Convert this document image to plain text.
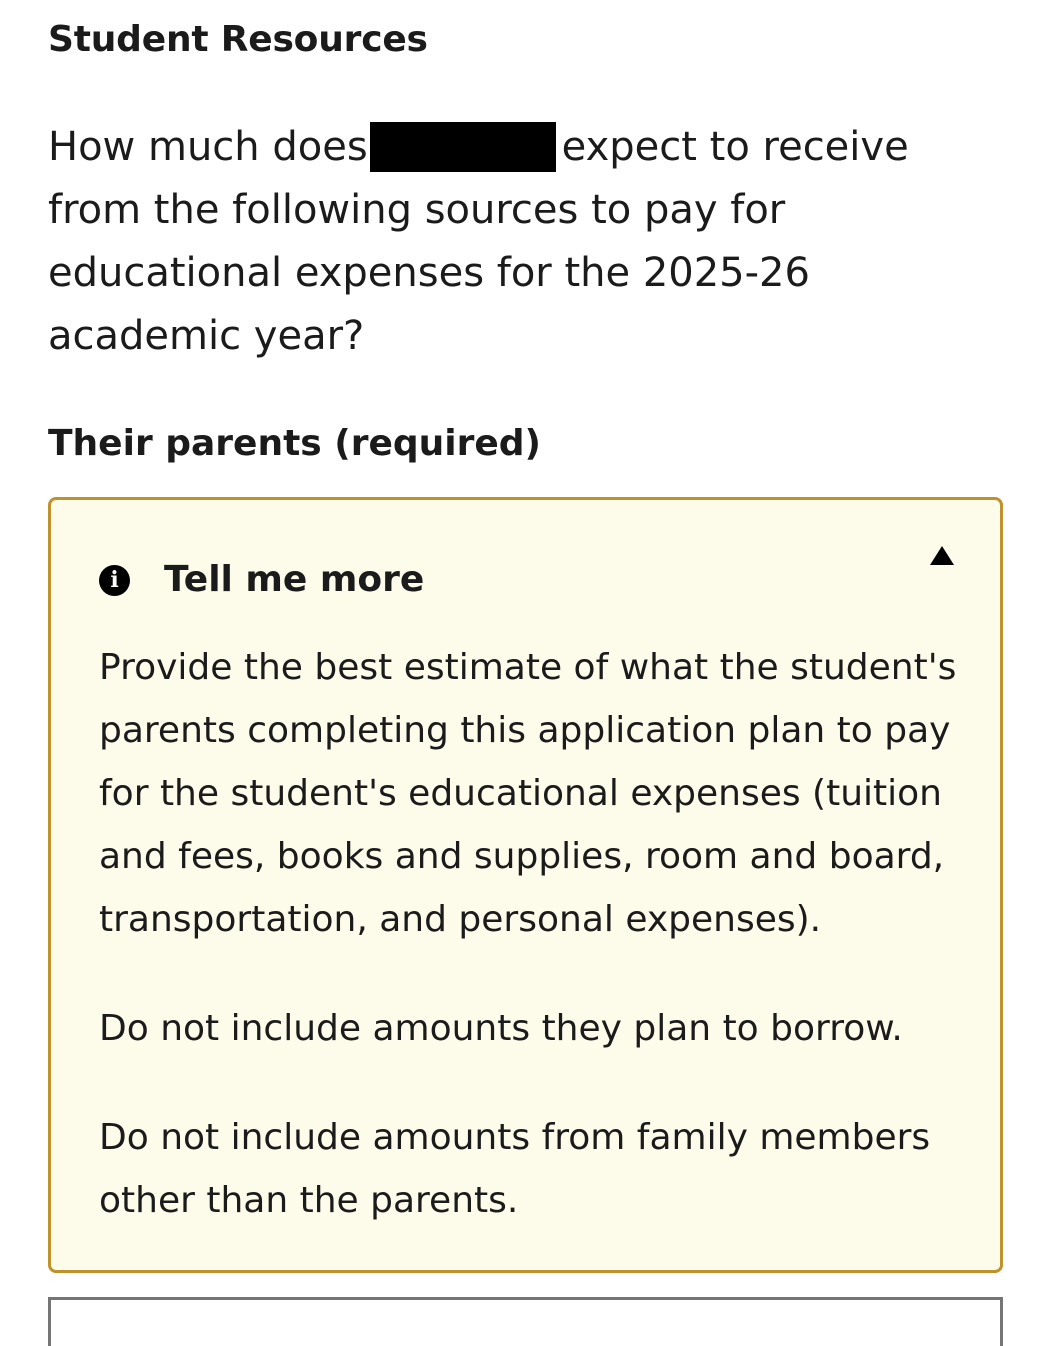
Student Resources

How much does	expect to receive from the following sources to pay for educational expenses for the 2025-26 academic year?

Their parents (required)
i	Tell me more

Provide the best estimate of what the student's parents completing this application plan to pay for the student's educational expenses (tuition and fees, books and supplies, room and board, transportation, and personal expenses).

Do not include amounts they plan to borrow.

Do not include amounts from family members other than the parents.
